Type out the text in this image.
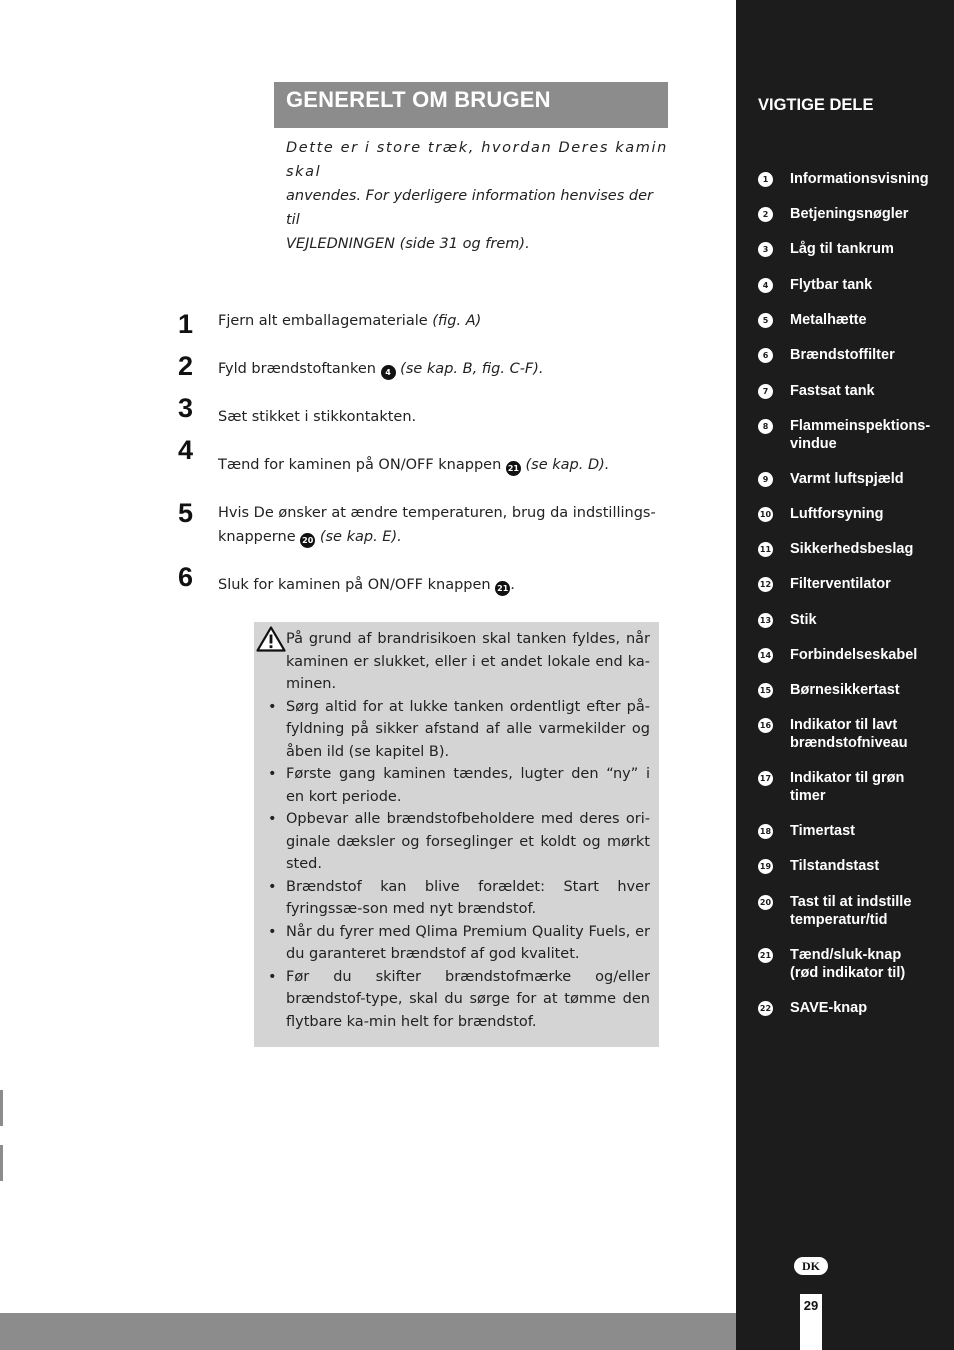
GENERELT OM BRUGEN
Dette er i store træk, hvordan Deres kamin skal
anvendes. For yderligere information henvises der til
VEJLEDNINGEN (side 31 og frem).
1	Fjern alt emballagemateriale (fig. A)
2	Fyld brændstoftanken 4 (se kap. B, fig. C-F).
3	Sæt stikket i stikkontakten.
4	Tænd for kaminen på ON/OFF knappen 21 (se kap. D).
5	Hvis De ønsker at ændre temperaturen, brug da indstillings-
knapperne 20 (se kap. E).
6	Sluk for kaminen på ON/OFF knappen 21 .

På grund af brandrisikoen skal tanken fyldes, når kaminen er slukket, eller i et andet lokale end ka-minen.

• Sørg altid for at lukke tanken ordentligt efter på-fyldning på sikker afstand af alle varmekilder og åben ild (se kapitel B).
• Første gang kaminen tændes, lugter den “ny” i en kort periode.
• Opbevar alle brændstofbeholdere med deres ori-ginale dæksler og forseglinger et koldt og mørkt sted.
• Brændstof kan blive forældet: Start hver fyringssæ-son med nyt brændstof.
• Når du fyrer med Qlima Premium Quality Fuels, er du garanteret brændstof af god kvalitet.
• Før du skifter brændstofmærke og/eller brændstof-type, skal du sørge for at tømme den flytbare ka-min helt for brændstof.
VIGTIGE DELE
1	Informationsvisning
2	Betjeningsnøgler
3	Låg til tankrum
4	Flytbar tank
5	Metalhætte
6	Brændstoffilter
7	Fastsat tank
8	Flammeinspektions-
vindue
9	Varmt luftspjæld
10 Luftforsyning
11 Sikkerhedsbeslag
12 Filterventilator
13 Stik
14 Forbindelseskabel
15 Børnesikkertast
16 Indikator til lavt
brændstofniveau
17 Indikator til grøn
timer
18 Timertast
19 Tilstandstast
20 Tast til at indstille
temperatur/tid
21 Tænd/sluk-knap
(rød indikator til)
22 SAVE-knap
DK
29
